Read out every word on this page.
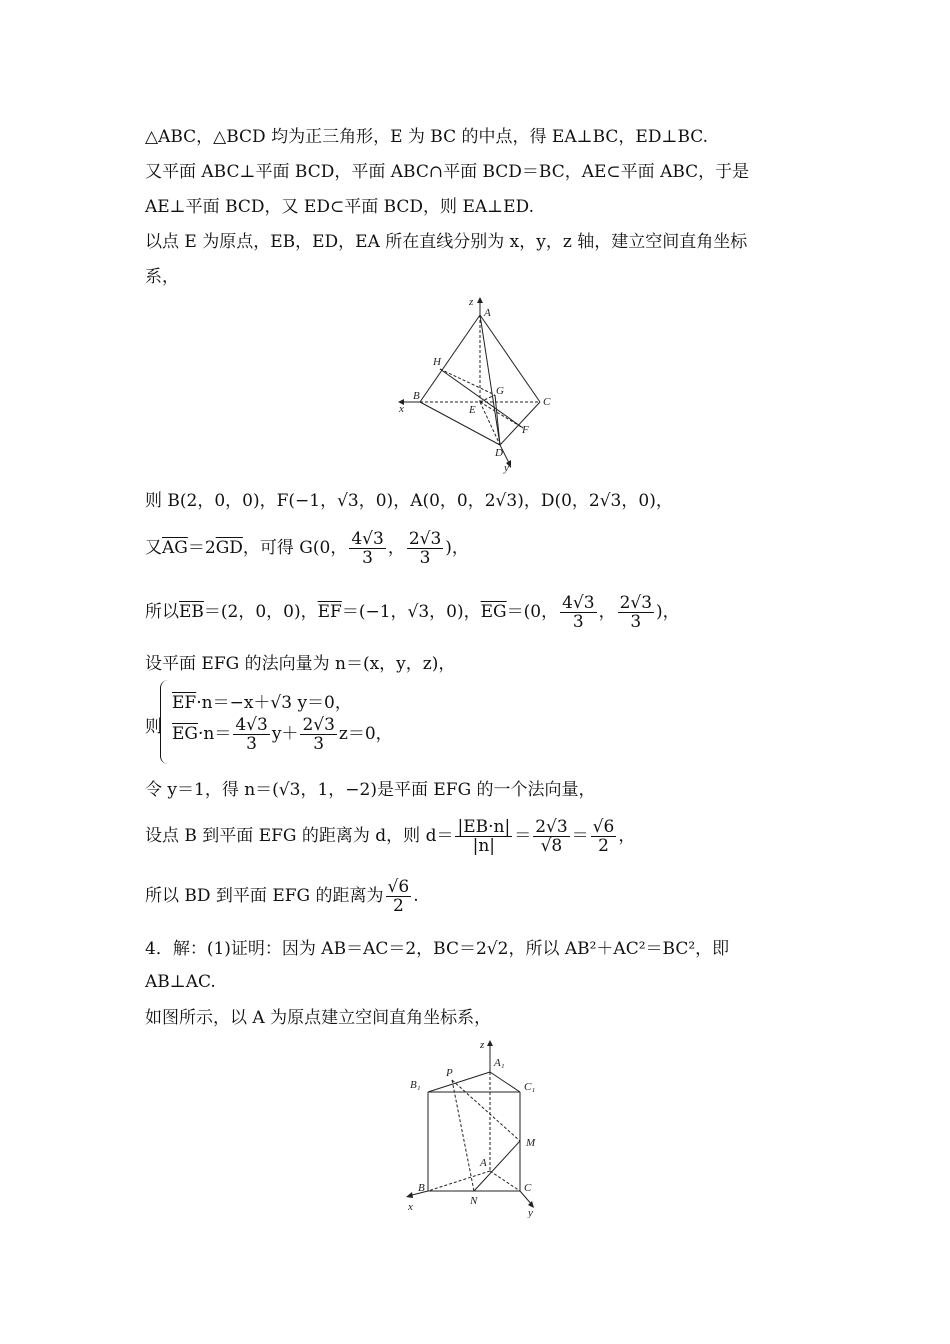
△ABC，△BCD 均为正三角形，E 为 BC 的中点，得 EA⊥BC，ED⊥BC.
又平面 ABC⊥平面 BCD，平面 ABC∩平面 BCD＝BC，AE⊂平面 ABC，于是
AE⊥平面 BCD，又 ED⊂平面 BCD，则 EA⊥ED.
以点 E 为原点，EB，ED，EA 所在直线分别为 x，y，z 轴，建立空间直角坐标
系，
z
A
H
B	G
C
x	E
F
D
y
则 B(2，0，0)，F(−1，√3，0)，A(0，0，2√3)，D(0，2√3，0)，
又$\overline{AG}=2\overline{GD}$，可得 G(0， $\frac{4√3}{3}$ ， $\frac{2√3}{3}$ )，
所以$\overline{EB}=(2$，0，0)，$\overline{EF}=(-1$，√3，0)，$\overline{EG}=(0$， $\frac{4√3}{3}$ ， $\frac{2√3}{3}$ )，
设平面 EFG 的法向量为 n＝(x，y，z)，
则
$\overline{EF}\cdot n=-x+√3$ y＝0，
$\overline{EG}\cdot n= \frac{4√3}{3} y+ \frac{2√3}{3} z=0$，
令 y＝1，得 n＝(√3，1，−2)是平面 EFG 的一个法向量，
设点 B 到平面 EFG 的距离为 d，则 $d= \frac{|EB\cdot n|}{|n|} = \frac{2√3}{√8} = \frac{√6}{2}$ ，
所以 BD 到平面 EFG 的距离为 $\frac{√6}{2}$ .
4．解：(1)证明：因为 AB＝AC＝2，BC＝2√2，所以 AB²＋AC²＝BC²，即
AB⊥AC.
如图所示，以 A 为原点建立空间直角坐标系，
z
A₁
P
B₁	C₁
M
A
B
N
C
x	y
